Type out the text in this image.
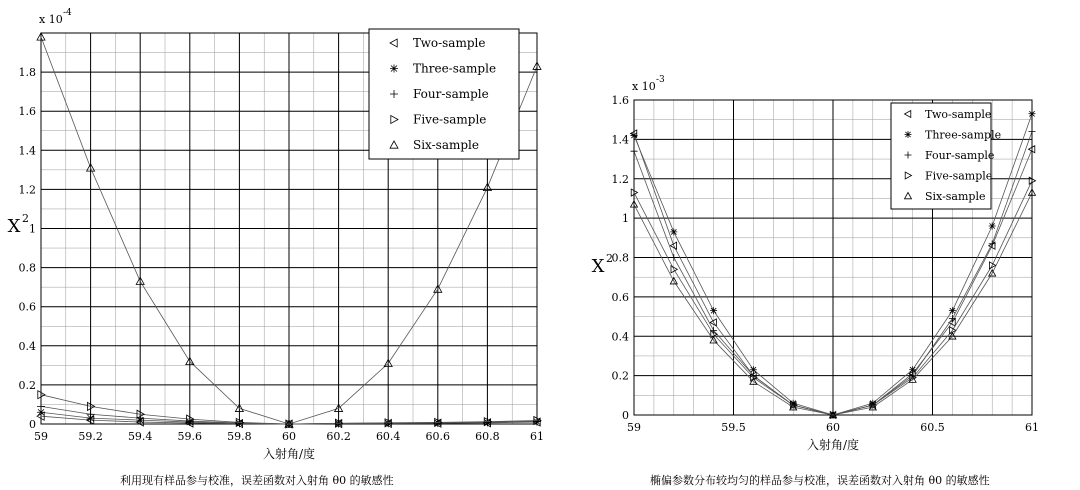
59	59.2 59.4 59.6 59.8	60	60.2 60.4 60.6 60.8	61
0
0.2
0.4
0.6
0.8
1
1.2
1.4
1.6
1.8
x 10 -4
X 2
入射角/度
Two-sample
Three-sample
Four-sample
Five-sample
Six-sample
59	59.5	60	60.5	61
0
0.2
0.4
0.6
0.8
1
1.2
1.4
1.6
x 10 -3
X 2
入射角/度
Two-sample
Three-sample
Four-sample
Five-sample
Six-sample
利用现有样品参与校准，误差函数对入射角 θ0 的敏感性	椭偏参数分布较均匀的样品参与校准，误差函数对入射角 θ0 的敏感性
